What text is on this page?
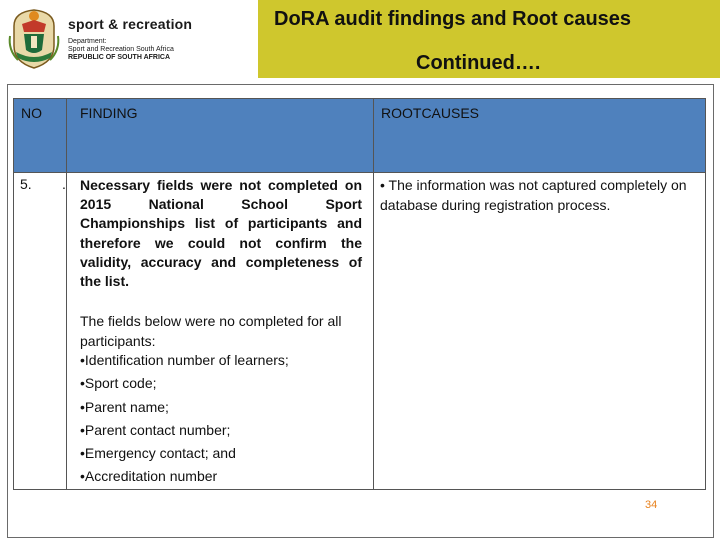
sport & recreation
Department:
Sport and Recreation South Africa
REPUBLIC OF SOUTH AFRICA
DoRA audit findings and Root causes
Continued….
NO	FINDING	ROOTCAUSES
5. . Necessary fields were not completed on 2015 National School Sport Championships list of participants and therefore we could not confirm the validity, accuracy and completeness of the list.
The fields below were no completed for all participants:
•Identification number of learners;
•Sport code;
•Parent name;
•Parent contact number;
•Emergency contact; and
•Accreditation number
• The information was not captured completely on database during registration process.
34
